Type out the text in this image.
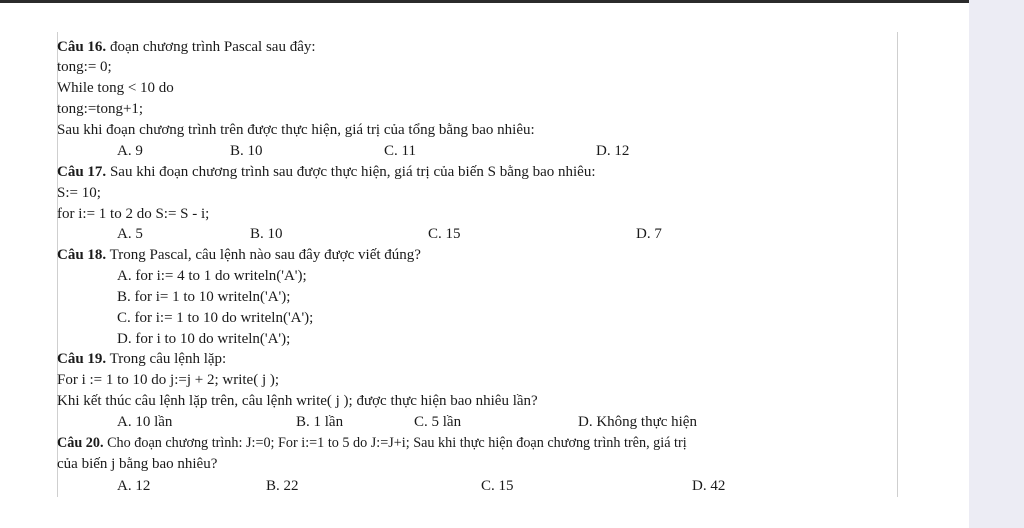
Câu 16. đoạn chương trình Pascal sau đây:
tong:= 0;
While tong < 10 do
tong:=tong+1;
Sau khi đoạn chương trình trên được thực hiện, giá trị của tổng bằng bao nhiêu:
A. 9	B. 10	C. 11	D. 12
Câu 17. Sau khi đoạn chương trình sau được thực hiện, giá trị của biến S bằng bao nhiêu:
S:= 10;
for i:= 1 to 2 do S:= S - i;
A. 5	B. 10	C. 15	D. 7
Câu 18. Trong Pascal, câu lệnh nào sau đây được viết đúng?
A. for i:= 4 to 1 do writeln('A');
B. for i= 1 to 10 writeln('A');
C. for i:= 1 to 10 do writeln('A');
D. for i to 10 do writeln('A');
Câu 19. Trong câu lệnh lặp:
For i := 1 to 10 do j:=j + 2; write( j );
Khi kết thúc câu lệnh lặp trên, câu lệnh write( j ); được thực hiện bao nhiêu lần?
A. 10 lần	B. 1 lần	C. 5 lần	D. Không thực hiện
Câu 20. Cho đoạn chương trình: J:=0; For i:=1 to 5 do J:=J+i; Sau khi thực hiện đoạn chương trình trên, giá trị
của biến j bằng bao nhiêu?
A. 12	B. 22	C. 15	D. 42
